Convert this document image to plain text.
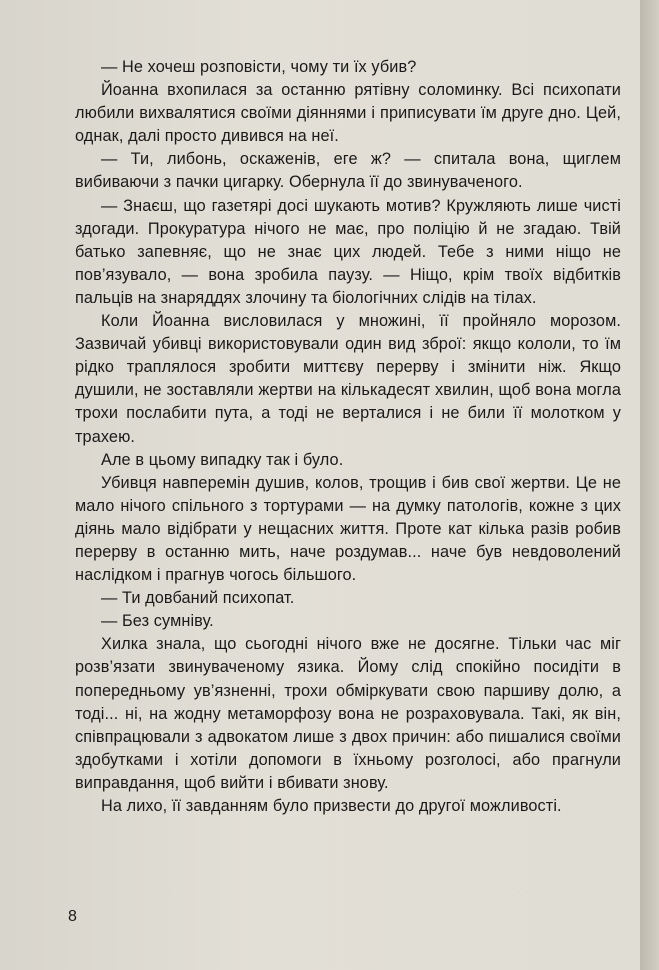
— Не хочеш розповісти, чому ти їх убив?

Йоанна вхопилася за останню рятівну соломинку. Всі психопати любили вихвалятися своїми діяннями і приписувати їм друге дно. Цей, однак, далі просто дивився на неї.

— Ти, либонь, оскаженів, еге ж? — спитала вона, щиглем вибиваючи з пачки цигарку. Обернула її до звинуваченого.

— Знаєш, що газетярі досі шукають мотив? Кружляють лише чисті здогади. Прокуратура нічого не має, про поліцію й не згадаю. Твій батько запевняє, що не знає цих людей. Тебе з ними ніщо не пов’язувало, — вона зробила паузу. — Ніщо, крім твоїх відбитків пальців на знаряддях злочину та біологічних слідів на тілах.

Коли Йоанна висловилася у множині, її пройняло морозом. Зазвичай убивці використовували один вид зброї: якщо кололи, то їм рідко траплялося зробити миттєву перерву і змінити ніж. Якщо душили, не зоставляли жертви на кількадесят хвилин, щоб вона могла трохи послабити пута, а тоді не верталися і не били її молотком у трахею.

Але в цьому випадку так і було.

Убивця навперемін душив, колов, трощив і бив свої жертви. Це не мало нічого спільного з тортурами — на думку патологів, кожне з цих діянь мало відібрати у нещасних життя. Проте кат кілька разів робив перерву в останню мить, наче роздумав... наче був невдоволений наслідком і прагнув чогось більшого.

— Ти довбаний психопат.

— Без сумніву.

Хилка знала, що сьогодні нічого вже не досягне. Тільки час міг розв’язати звинуваченому язика. Йому слід спокійно посидіти в попередньому ув’язненні, трохи обміркувати свою паршиву долю, а тоді... ні, на жодну метаморфозу вона не розраховувала. Такі, як він, співпрацювали з адвокатом лише з двох причин: або пишалися своїми здобутками і хотіли допомоги в їхньому розголосі, або прагнули виправдання, щоб вийти і вбивати знову.

На лихо, її завданням було призвести до другої можливості.

8
